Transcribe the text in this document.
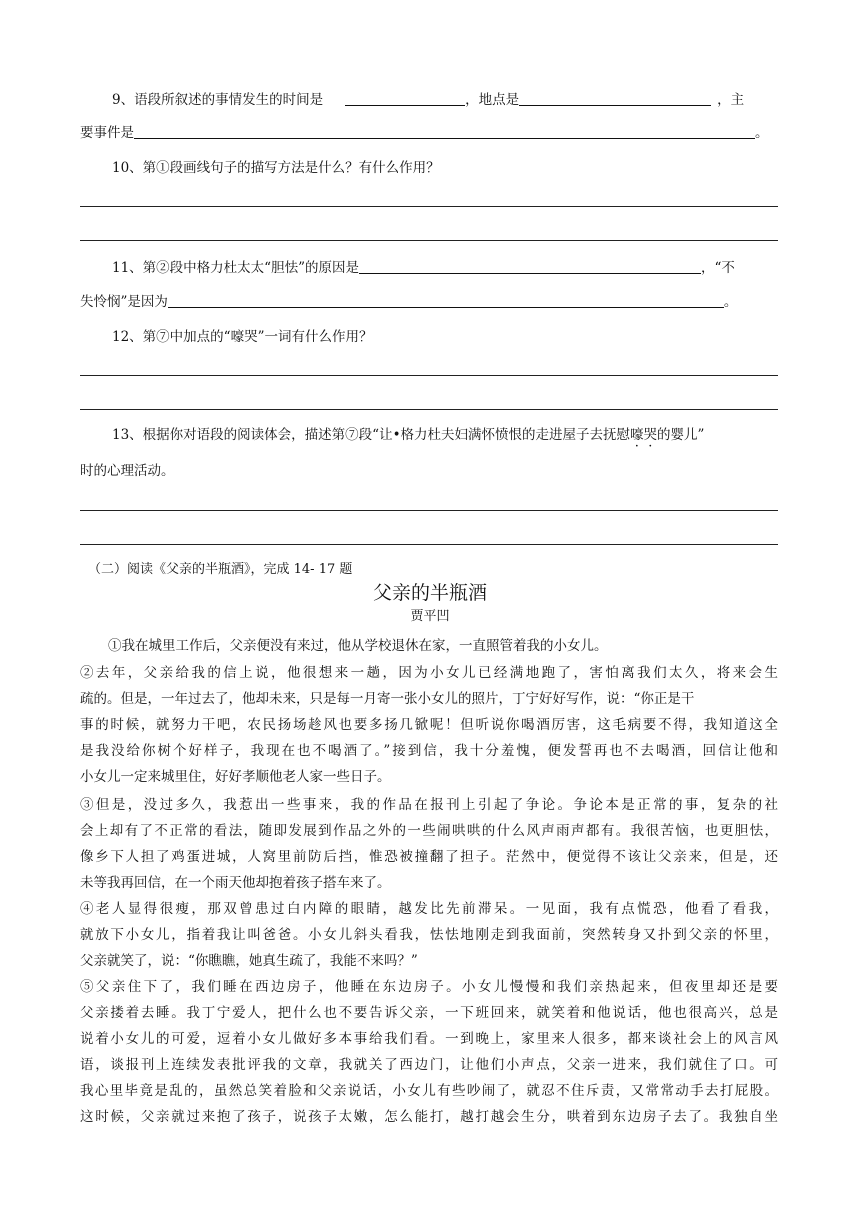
9、语段所叙述的事情发生的时间是	，地点是	，主
要事件是	。
10、第①段画线句子的描写方法是什么？有什么作用？
11、第②段中格力杜太太“胆怯”的原因是	，“不
失怜悯”是因为	。
12、第⑦中加点的“嚎哭”一词有什么作用？
13、根据你对语段的阅读体会，描述第⑦段“让•格力杜夫妇满怀愤恨的走进屋子去抚慰嚎哭的婴儿”
时的心理活动。
（二）阅读《父亲的半瓶酒》，完成 14- 17 题
父亲的半瓶酒
贾平凹
①我在城里工作后，父亲便没有来过，他从学校退休在家，一直照管着我的小女儿。
②去年，父亲给我的信上说，他很想来一趟，因为小女儿已经满地跑了，害怕离我们太久，将来会生
疏的。但是，一年过去了，他却未来，只是每一月寄一张小女儿的照片，丁宁好好写作，说：“你正是干
事的时候，就努力干吧，农民扬场趁风也要多扬几锨呢！但听说你喝酒厉害，这毛病要不得，我知道这全
是我没给你树个好样子，我现在也不喝酒了。”接到信，我十分羞愧，便发誓再也不去喝酒，回信让他和
小女儿一定来城里住，好好孝顺他老人家一些日子。
③但是，没过多久，我惹出一些事来，我的作品在报刊上引起了争论。争论本是正常的事，复杂的社
会上却有了不正常的看法，随即发展到作品之外的一些闹哄哄的什么风声雨声都有。我很苦恼，也更胆怯，
像乡下人担了鸡蛋进城，人窝里前防后挡，惟恐被撞翻了担子。茫然中，便觉得不该让父亲来，但是，还
未等我再回信，在一个雨天他却抱着孩子搭车来了。
④老人显得很瘦，那双曾患过白内障的眼睛，越发比先前滞呆。一见面，我有点慌恐，他看了看我，
就放下小女儿，指着我让叫爸爸。小女儿斜头看我，怯怯地刚走到我面前，突然转身又扑到父亲的怀里，
父亲就笑了，说：“你瞧瞧，她真生疏了，我能不来吗？”
⑤父亲住下了，我们睡在西边房子，他睡在东边房子。小女儿慢慢和我们亲热起来，但夜里却还是要
父亲搂着去睡。我丁宁爱人，把什么也不要告诉父亲，一下班回来，就笑着和他说话，他也很高兴，总是
说着小女儿的可爱，逗着小女儿做好多本事给我们看。一到晚上，家里来人很多，都来谈社会上的风言风
语，谈报刊上连续发表批评我的文章，我就关了西边门，让他们小声点，父亲一进来，我们就住了口。可
我心里毕竟是乱的，虽然总笑着脸和父亲说话，小女儿有些吵闹了，就忍不住斥责，又常常动手去打屁股。
这时候，父亲就过来抱了孩子，说孩子太嫩，怎么能打，越打越会生分，哄着到东边房子去了。我独自坐
